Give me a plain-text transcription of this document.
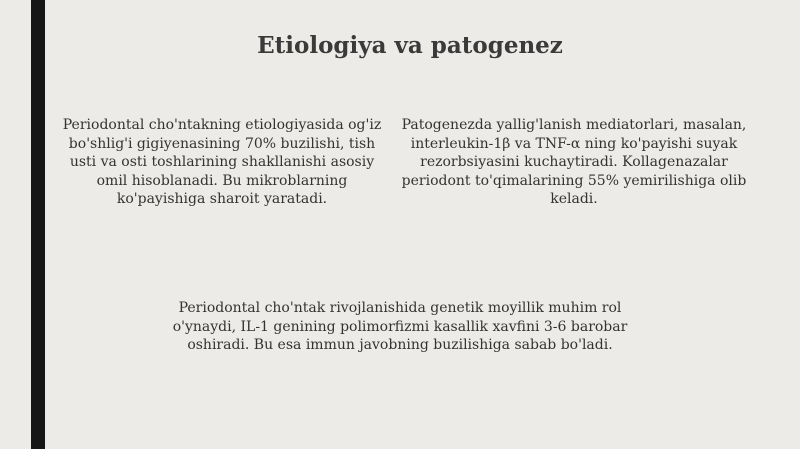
Etiologiya va patogenez

Periodontal cho'ntakning etiologiyasida og'iz
bo'shlig'i gigiyenasining 70% buzilishi, tish
usti va osti toshlarining shakllanishi asosiy
omil hisoblanadi. Bu mikroblarning
ko'payishiga sharoit yaratadi.

Patogenezda yallig'lanish mediatorlari, masalan,
interleukin-1β va TNF-α ning ko'payishi suyak
rezorbsiyasini kuchaytiradi. Kollagenazalar
periodont to'qimalarining 55% yemirilishiga olib
keladi.

Periodontal cho'ntak rivojlanishida genetik moyillik muhim rol
o'ynaydi, IL-1 genining polimorfizmi kasallik xavfini 3-6 barobar
oshiradi. Bu esa immun javobning buzilishiga sabab bo'ladi.
